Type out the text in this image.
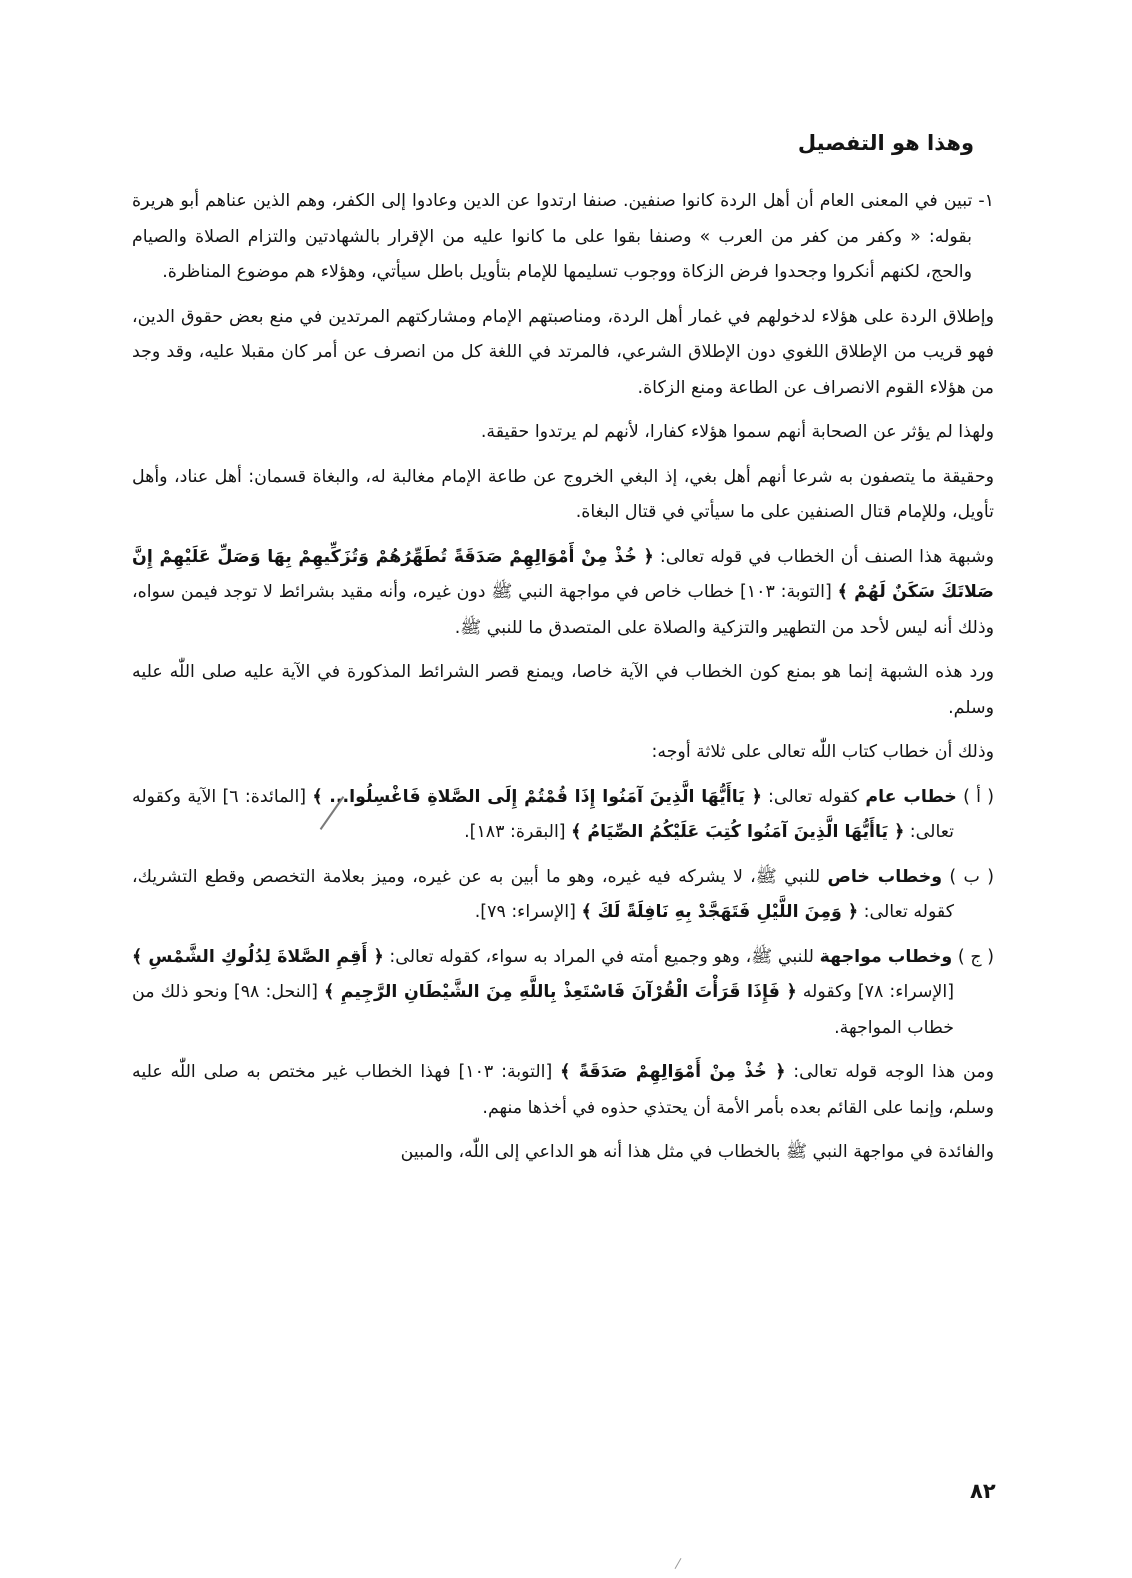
وهذا هو التفصيل

١- تبين في المعنى العام أن أهل الردة كانوا صنفين. صنفا ارتدوا عن الدين وعادوا إلى الكفر، وهم الذين عناهم أبو هريرة بقوله: « وكفر من كفر من العرب » وصنفا بقوا على ما كانوا عليه من الإقرار بالشهادتين والتزام الصلاة والصيام والحج، لكنهم أنكروا وجحدوا فرض الزكاة ووجوب تسليمها للإمام بتأويل باطل سيأتي، وهؤلاء هم موضوع المناظرة.

وإطلاق الردة على هؤلاء لدخولهم في غمار أهل الردة، ومناصبتهم الإمام ومشاركتهم المرتدين في منع بعض حقوق الدين، فهو قريب من الإطلاق اللغوي دون الإطلاق الشرعي، فالمرتد في اللغة كل من انصرف عن أمر كان مقبلا عليه، وقد وجد من هؤلاء القوم الانصراف عن الطاعة ومنع الزكاة.

ولهذا لم يؤثر عن الصحابة أنهم سموا هؤلاء كفارا، لأنهم لم يرتدوا حقيقة.

وحقيقة ما يتصفون به شرعا أنهم أهل بغي، إذ البغي الخروج عن طاعة الإمام مغالبة له، والبغاة قسمان: أهل عناد، وأهل تأويل، وللإمام قتال الصنفين على ما سيأتي في قتال البغاة.

وشبهة هذا الصنف أن الخطاب في قوله تعالى: ﴿ خُذْ مِنْ أَمْوَالِهِمْ صَدَقَةً تُطَهِّرُهُمْ وَتُزَكِّيهِمْ بِهَا وَصَلِّ عَلَيْهِمْ إِنَّ صَلاتَكَ سَكَنٌ لَهُمْ ﴾ [التوبة: ١٠٣] خطاب خاص في مواجهة النبي ﷺ دون غيره، وأنه مقيد بشرائط لا توجد فيمن سواه، وذلك أنه ليس لأحد من التطهير والتزكية والصلاة على المتصدق ما للنبي ﷺ.

ورد هذه الشبهة إنما هو بمنع كون الخطاب في الآية خاصا، ويمنع قصر الشرائط المذكورة في الآية عليه صلى اللّٰه عليه وسلم.

وذلك أن خطاب كتاب اللّٰه تعالى على ثلاثة أوجه:

( أ ) خطاب عام كقوله تعالى: ﴿ يَاأَيُّهَا الَّذِينَ آمَنُوا إِذَا قُمْتُمْ إِلَى الصَّلاةِ فَاغْسِلُوا... ﴾ [المائدة: ٦] الآية وكقوله تعالى: ﴿ يَاأَيُّهَا الَّذِينَ آمَنُوا كُتِبَ عَلَيْكُمُ الصِّيَامُ ﴾ [البقرة: ١٨٣].

( ب ) وخطاب خاص للنبي ﷺ، لا يشركه فيه غيره، وهو ما أبين به عن غيره، وميز بعلامة التخصص وقطع التشريك، كقوله تعالى: ﴿ وَمِنَ اللَّيْلِ فَتَهَجَّدْ بِهِ نَافِلَةً لَكَ ﴾ [الإسراء: ٧٩].

( ج ) وخطاب مواجهة للنبي ﷺ، وهو وجميع أمته في المراد به سواء، كقوله تعالى: ﴿ أَقِمِ الصَّلاةَ لِدُلُوكِ الشَّمْسِ ﴾ [الإسراء: ٧٨] وكقوله ﴿ فَإِذَا قَرَأْتَ الْقُرْآنَ فَاسْتَعِذْ بِاللَّهِ مِنَ الشَّيْطَانِ الرَّجِيمِ ﴾ [النحل: ٩٨] ونحو ذلك من خطاب المواجهة.

ومن هذا الوجه قوله تعالى: ﴿ خُذْ مِنْ أَمْوَالِهِمْ صَدَقَةً ﴾ [التوبة: ١٠٣] فهذا الخطاب غير مختص به صلى اللّٰه عليه وسلم، وإنما على القائم بعده بأمر الأمة أن يحتذي حذوه في أخذها منهم.

والفائدة في مواجهة النبي ﷺ بالخطاب في مثل هذا أنه هو الداعي إلى اللّٰه، والمبين

٨٢
